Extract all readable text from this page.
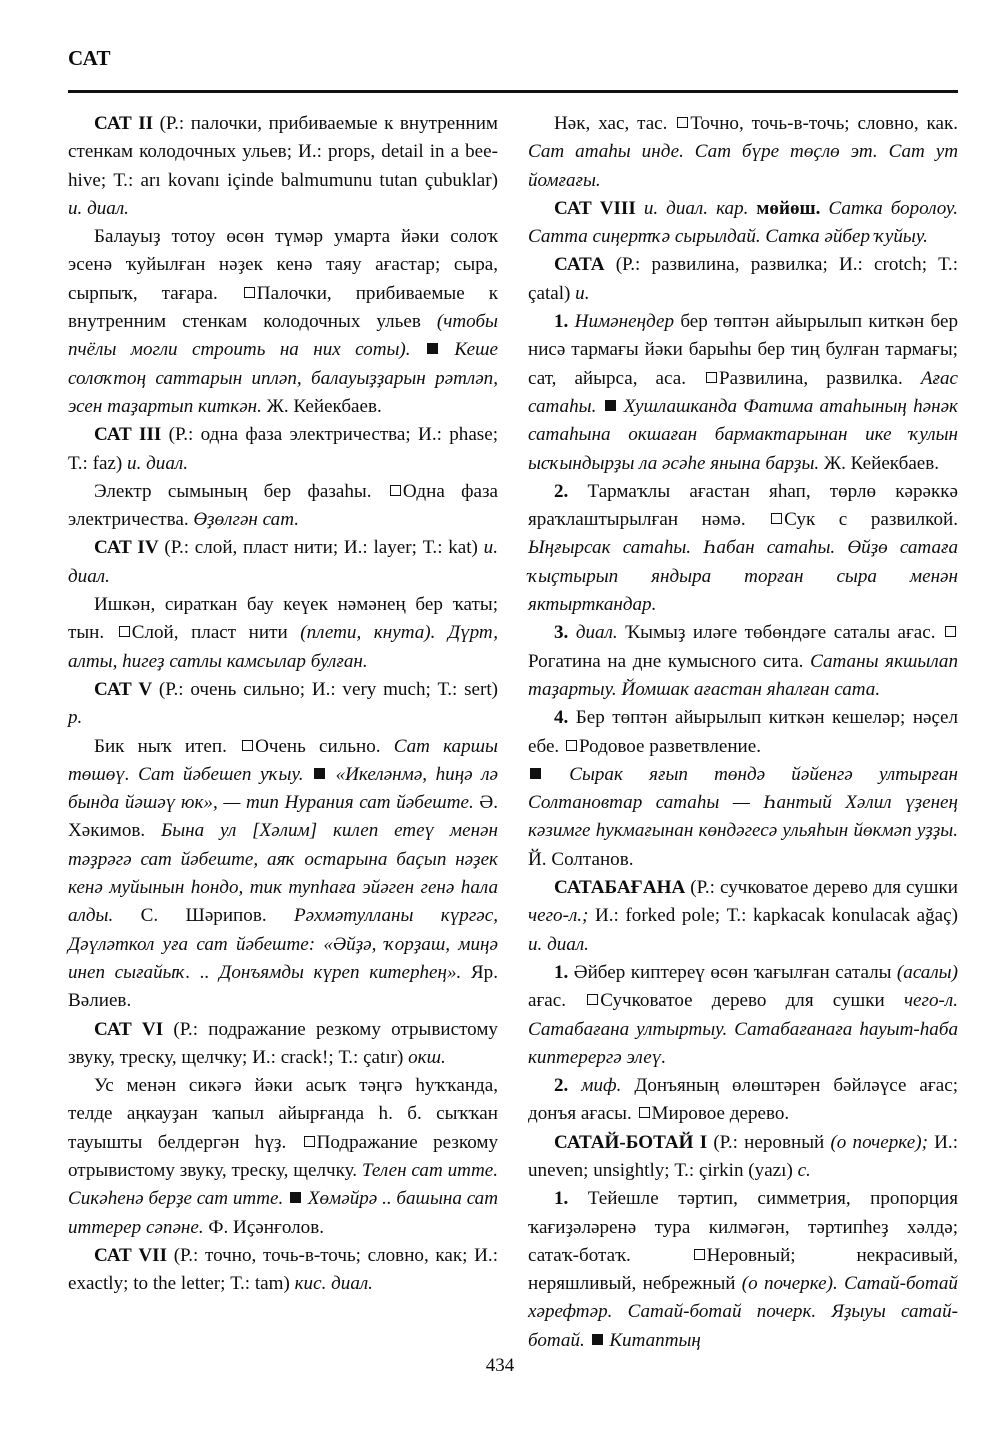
САТ

САТ II (Р.: палочки, прибиваемые к внутренним стенкам колодочных ульев; И.: props, detail in a bee-hive; Т.: arı kovanı içinde balmumunu tutan çubuklar) и. диал.

Балауыҙ тотоу өсөн түмәр умарта йәки солоҡ эсенә ҡуйылған нәҙек кенә таяу ағастар; сыра, сырпыҡ, тағара. Палочки, прибиваемые к внутренним стенкам колодочных ульев (чтобы пчёлы могли строить на них соты). Кеше солоҡтоң саттарын ипләп, балауыҙҙарын рәтләп, эсен таҙартып киткән. Ж. Кейекбаев.

САТ III (Р.: одна фаза электричества; И.: phase; Т.: faz) и. диал.

Электр сымының бер фазаһы. Одна фаза электричества. Өҙөлгән сат.

САТ IV (Р.: слой, пласт нити; И.: layer; Т.: kat) и. диал.

Ишкән, сираткан бау кеүек нәмәнең бер ҡаты; тын. Слой, пласт нити (плети, кнута). Дүрт, алты, һигеҙ сатлы камсылар булған.

САТ V (Р.: очень сильно; И.: very much; Т.: sert) р.

Бик ныҡ итеп. Очень сильно. Сат каршы төшөү. Сат йәбешеп уҡыу. «Икеләнмә, һиңә лә бында йәшәү юк», — тип Нурания сат йәбеште. Ә. Хәкимов. Бына ул [Хәлим] килеп етеү менән тәҙрәгә сат йәбеште, аяҡ остарына баҫып нәҙек кенә муйынын һондо, тик тупһаға эйәген генә һала алды. С. Шәрипов. Рәхмәтулланы күргәс, Дәүләткол уға сат йәбеште: «Әйҙә, ҡорҙаш, миңә инеп сығайыҡ. .. Донъямды күреп китерһең». Яр. Вәлиев.

САТ VI (Р.: подражание резкому отрывистому звуку, треску, щелчку; И.: crack!; Т.: çatır) окш.

Ус менән сикәгә йәки асыҡ тәңгә һуҡҡанда, телде аңкауҙан ҡапыл айырғанда һ. б. сыҡҡан тауышты белдергән һүҙ. Подражание резкому отрывистому звуку, треску, щелчку. Телен сат итте. Сикәһенә берҙе сат итте. Хөмәйрә .. башына сат иттерep сәпәне. Ф. Иҫәнғолов.

САТ VII (Р.: точно, точь-в-точь; словно, как; И.: exactly; to the letter; Т.: tam) кис. диал.

Нәк, хас, тас. Точно, точь-в-точь; словно, как. Сат атаһы инде. Сат бүре төҫлө эт. Сат ут йомғағы.

САТ VIII и. диал. кар. мөйөш. Сатка боролоу. Сатта сиңертҡә сырылдай. Сатка әйбер ҡуйыу.

САТА (Р.: развилина, развилка; И.: crotch; Т.: çatal) и.

1. Нимәнеңдер бер төптән айырылып киткән бер нисә тармағы йәки барыһы бер тиң булған тармағы; сат, айырса, аса. Развилина, развилка. Ағас сатаһы. Хушлашканда Фатима атаһының һәнәк сатаһына окшаған бармактарынан ике ҡулын ысҡындырҙы ла әсәһе янына барҙы. Ж. Кейекбаев.

2. Тармаҡлы ағастан яһап, төрлө кәрәккә яраҡлаштырылған нәмә. Сук с развилкой. Ыңғырсак сатаһы. Һабан сатаһы. Өйҙө сатаға ҡыҫтырып яндыра торған сыра менән яктырткандар.

3. диал. Ҡымыҙ иләге төбөндәге саталы ағас. Рогатина на дне кумысного сита. Сатаны якшылап таҙартыу. Йомшак ағастан яһалған сата.

4. Бер төптән айырылып киткән кешеләр; нәҫел ебе. Родовое разветвление.

Сырак яғып төндә йәйенгә ултырған Солтановтар сатаһы — Һантый Хәлил үҙенең кәзимге һукмағынан көндәгесә ульяһын йөкмәп уҙҙы. Й. Солтанов.

САТАБАҒАНА (Р.: сучковатое дерево для сушки чего-л.; И.: forked pole; Т.: kapkacak konulacak ağaç) и. диал.

1. Әйбер киптереү өсөн ҡағылған саталы (асалы) ағас. Сучковатое дерево для сушки чего-л. Сатабағана ултыртыу. Сатабағанаға һауыт-һаба киптерергә элеү.

2. миф. Донъяның өлөштәрен бәйләүсе ағас; донъя ағасы. Мировое дерево.

САТАЙ-БОТАЙ I (Р.: неровный (о почерке); И.: uneven; unsightly; Т.: çirkin (yazı) с.

1. Тейешле тәртип, симметрия, пропорция ҡағиҙәләренә тура килмәгән, тәртипһеҙ хәлдә; сатаҡ-ботаҡ. Неровный; некрасивый, неряшливый, небрежный (о почерке). Сатай-ботай хәрефтәр. Сатай-ботай почерк. Яҙыуы сатай-ботай.  Китаптың

434
